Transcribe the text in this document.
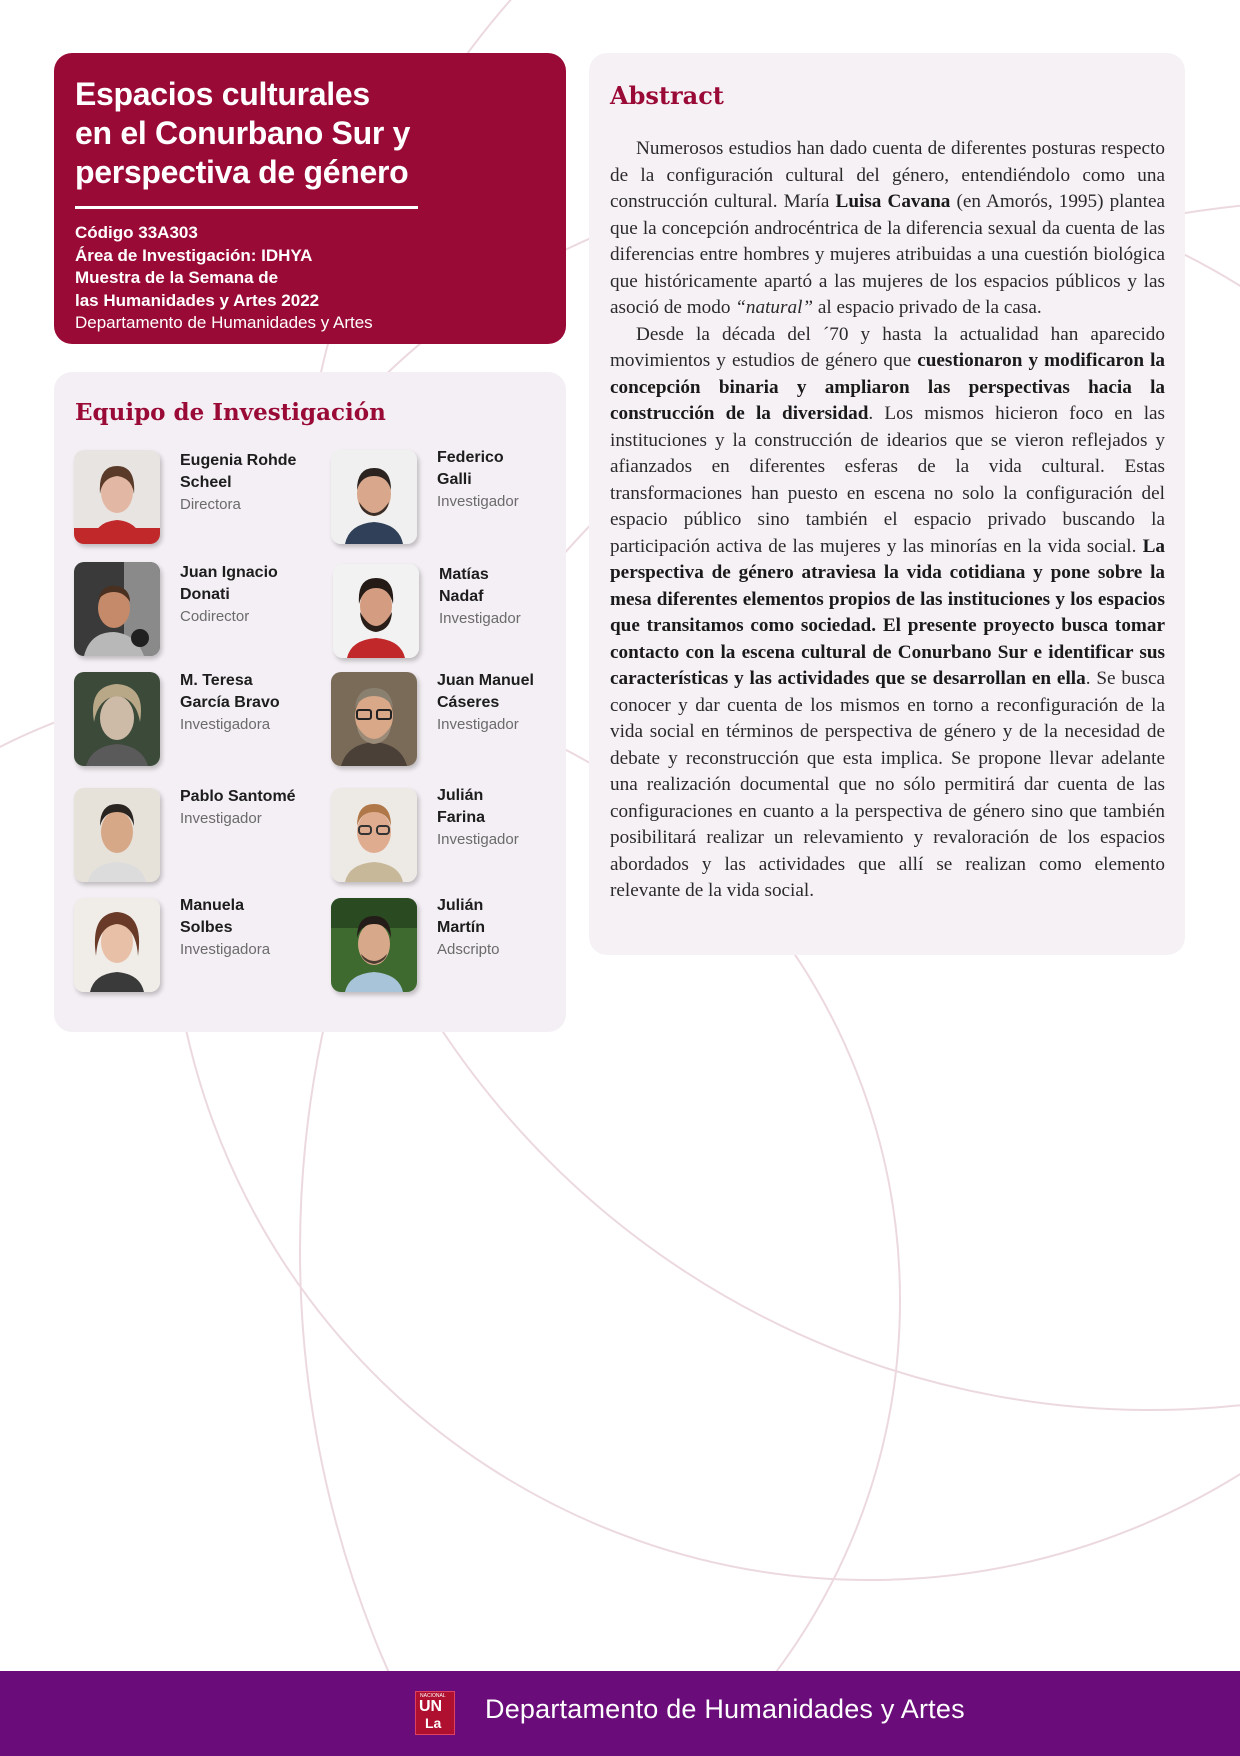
Espacios culturales
en el Conurbano Sur y
perspectiva de género
Código 33A303
Área de Investigación: IDHYA
Muestra de la Semana de
las Humanidades y Artes 2022
Departamento de Humanidades y Artes
Equipo de Investigación
Eugenia Rohde
Scheel
Directora
Federico
Galli
Investigador
Juan Ignacio
Donati
Codirector
Matías
Nadaf
Investigador
M. Teresa
García Bravo
Investigadora
Juan Manuel
Cáseres
Investigador
Pablo Santomé
Investigador
Julián
Farina
Investigador
Manuela
Solbes
Investigadora
Julián
Martín
Adscripto
Abstract

Numerosos estudios han dado cuenta de diferentes posturas respecto de la configuración cultural del género, entendiéndolo como una construcción cultural. María Luisa Cavana (en Amorós, 1995) plantea que la concepción androcéntrica de la diferencia sexual da cuenta de las diferencias entre hombres y mujeres atribuidas a una cuestión biológica que históricamente apartó a las mujeres de los espacios públicos y las asoció de modo “natural” al espacio privado de la casa.

Desde la década del ´70 y hasta la actualidad han aparecido movimientos y estudios de género que cuestionaron y modificaron la concepción binaria y ampliaron las perspectivas hacia la construcción de la diversidad. Los mismos hicieron foco en las instituciones y la construcción de idearios que se vieron reflejados y afianzados en diferentes esferas de la vida cultural. Estas transformaciones han puesto en escena no solo la configuración del espacio público sino también el espacio privado buscando la participación activa de las mujeres y las minorías en la vida social. La perspectiva de género atraviesa la vida cotidiana y pone sobre la mesa diferentes elementos propios de las instituciones y los espacios que transitamos como sociedad. El presente proyecto busca tomar contacto con la escena cultural de Conurbano Sur e identificar sus características y las actividades que se desarrollan en ella. Se busca conocer y dar cuenta de los mismos en torno a reconfiguración de la vida social en términos de perspectiva de género y de la necesidad de debate y reconstrucción que esta implica. Se propone llevar adelante una realización documental que no sólo permitirá dar cuenta de las configuraciones en cuanto a la perspectiva de género sino que también posibilitará realizar un relevamiento y revaloración de los espacios abordados y las actividades que allí se realizan como elemento relevante de la vida social.

NACIONAL
UN
La Departamento de Humanidades y Artes
